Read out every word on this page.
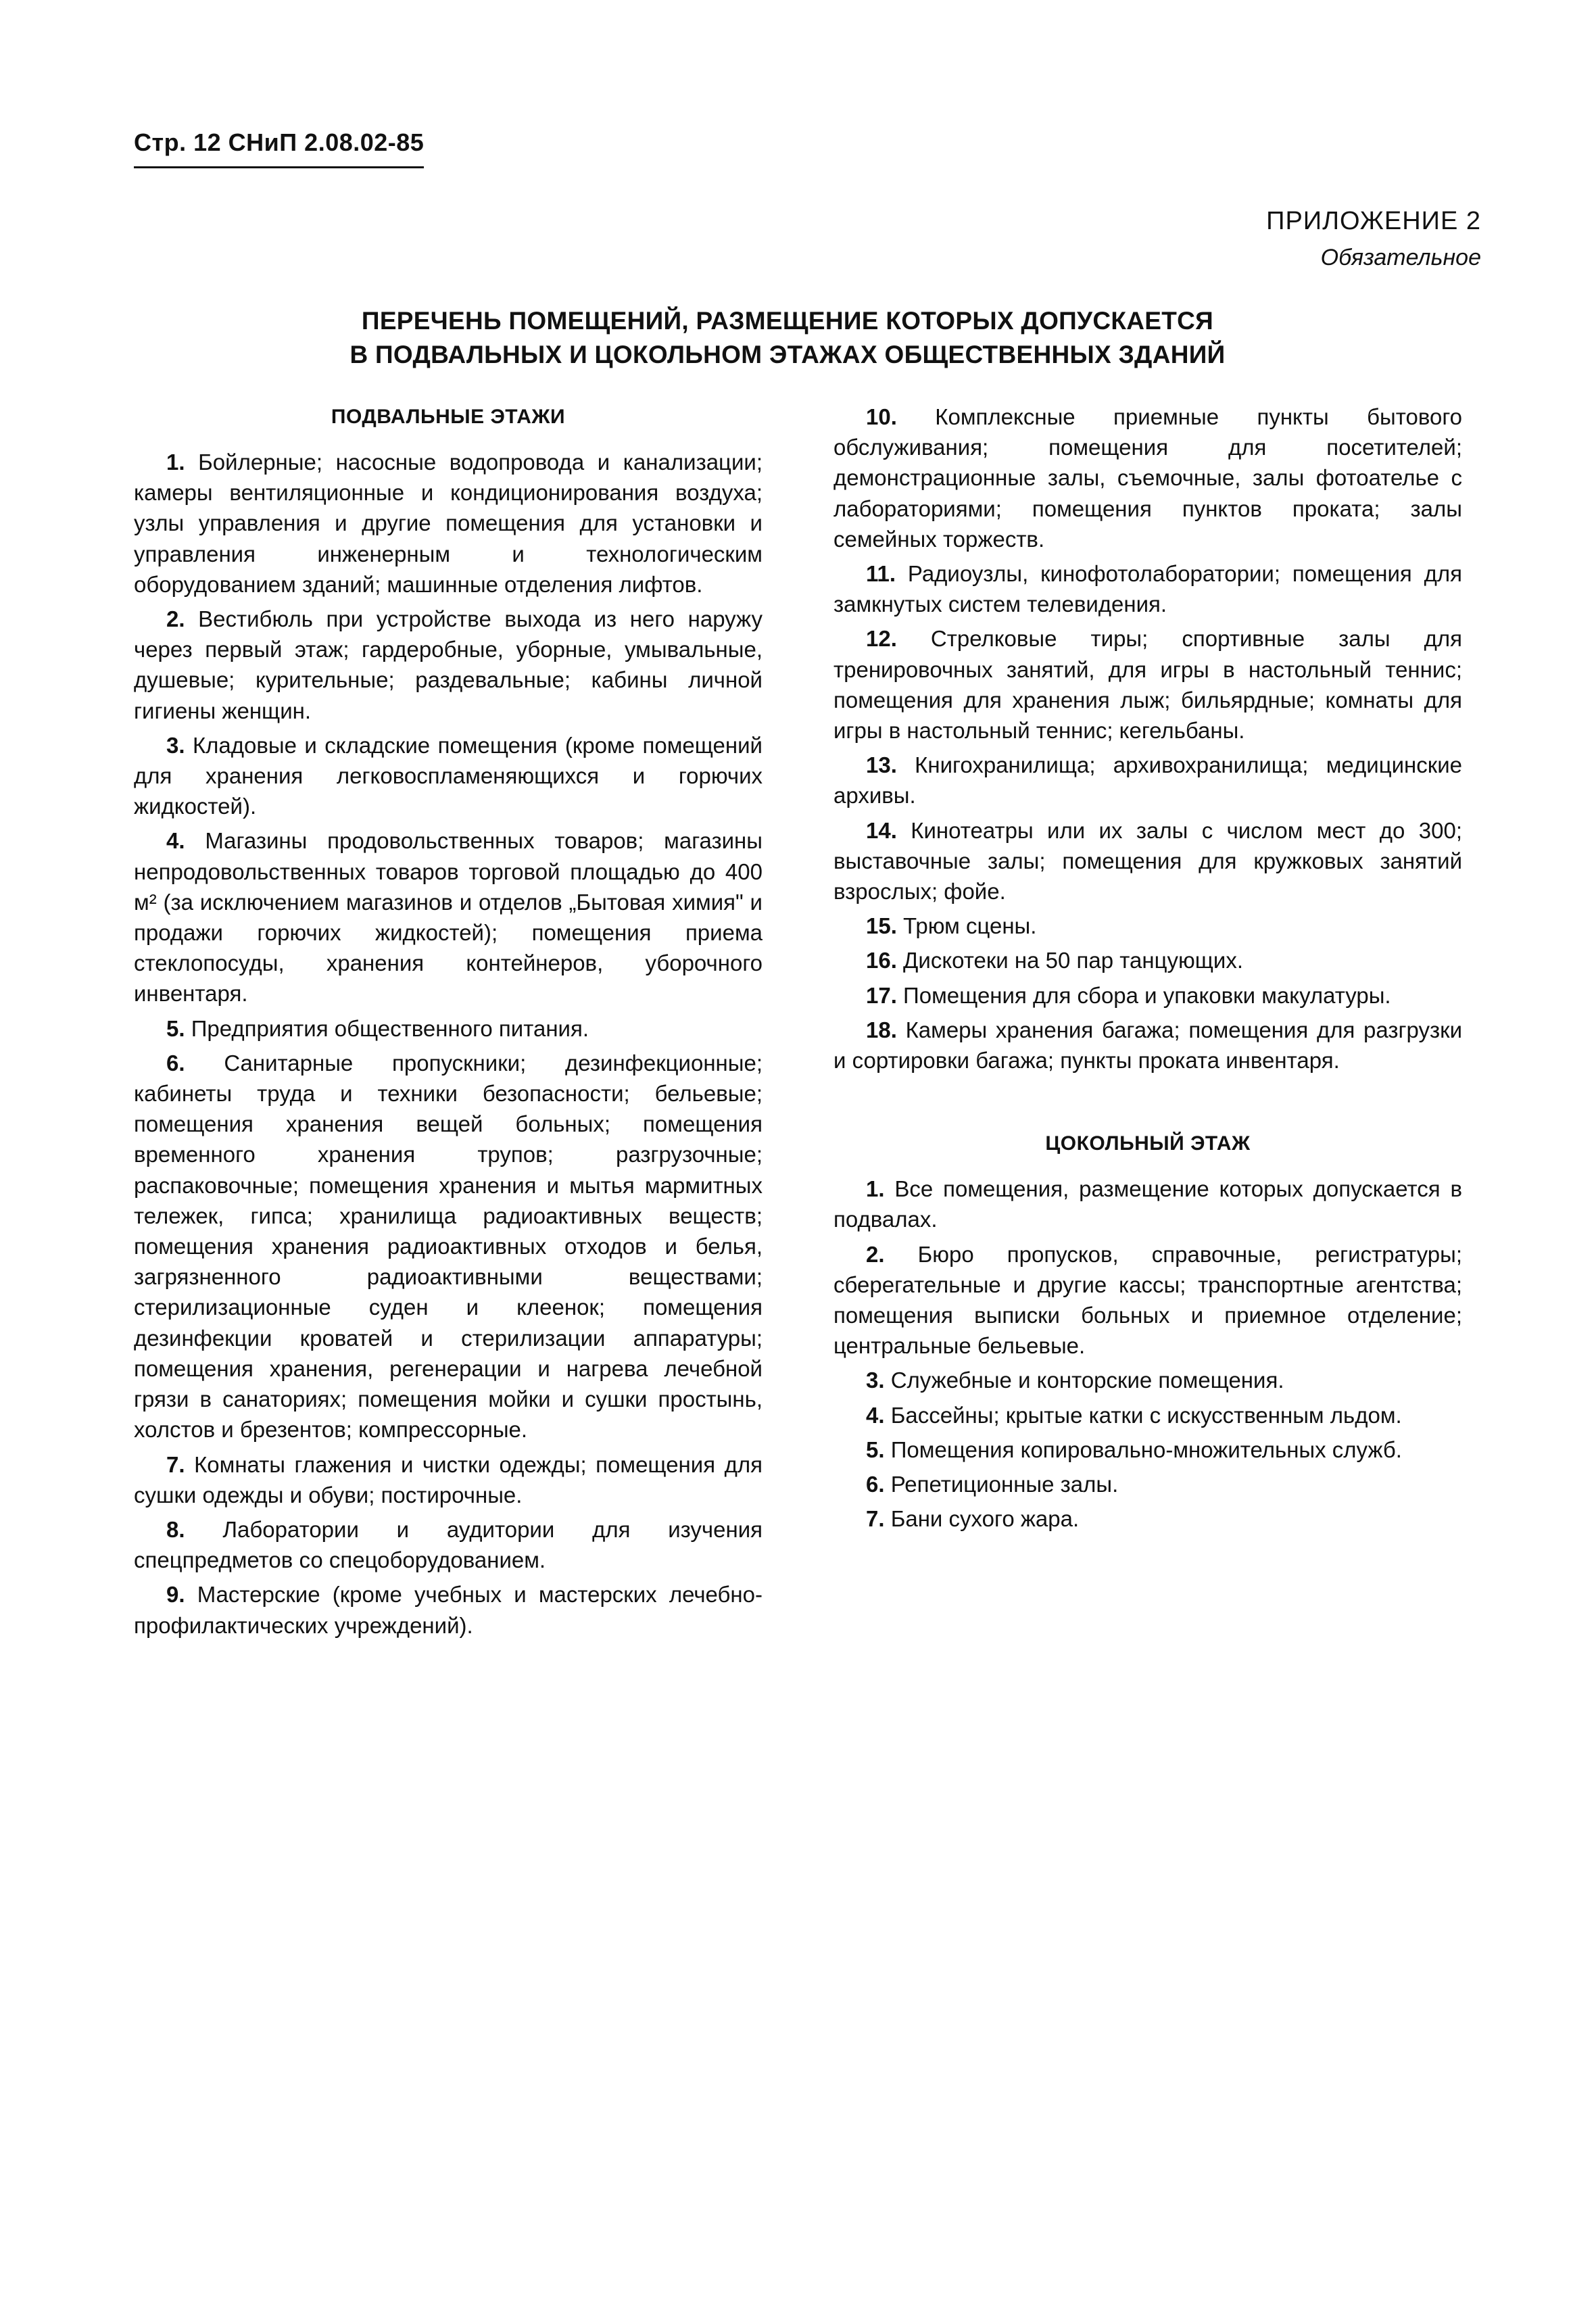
Стр. 12 СНиП 2.08.02-85
ПРИЛОЖЕНИЕ 2
Обязательное
ПЕРЕЧЕНЬ ПОМЕЩЕНИЙ, РАЗМЕЩЕНИЕ КОТОРЫХ ДОПУСКАЕТСЯ
В ПОДВАЛЬНЫХ И ЦОКОЛЬНОМ ЭТАЖАХ ОБЩЕСТВЕННЫХ ЗДАНИЙ
ПОДВАЛЬНЫЕ ЭТАЖИ
1. Бойлерные; насосные водопровода и канализации; камеры вентиляционные и кондиционирования воздуха; узлы управления и другие помещения для установки и управления инженерным и технологическим оборудованием зданий; машинные отделения лифтов.
2. Вестибюль при устройстве выхода из него наружу через первый этаж; гардеробные, уборные, умывальные, душевые; курительные; раздевальные; кабины личной гигиены женщин.
3. Кладовые и складские помещения (кроме помещений для хранения легковоспламеняющихся и горючих жидкостей).
4. Магазины продовольственных товаров; магазины непродовольственных товаров торговой площадью до 400 м² (за исключением магазинов и отделов „Бытовая химия" и продажи горючих жидкостей); помещения приема стеклопосуды, хранения контейнеров, уборочного инвентаря.
5. Предприятия общественного питания.
6. Санитарные пропускники; дезинфекционные; кабинеты труда и техники безопасности; бельевые; помещения хранения вещей больных; помещения временного хранения трупов; разгрузочные; распаковочные; помещения хранения и мытья мармитных тележек, гипса; хранилища радиоактивных веществ; помещения хранения радиоактивных отходов и белья, загрязненного радиоактивными веществами; стерилизационные суден и клеенок; помещения дезинфекции кроватей и стерилизации аппаратуры; помещения хранения, регенерации и нагрева лечебной грязи в санаториях; помещения мойки и сушки простынь, холстов и брезентов; компрессорные.
7. Комнаты глажения и чистки одежды; помещения для сушки одежды и обуви; постирочные.
8. Лаборатории и аудитории для изучения спецпредметов со спецоборудованием.
9. Мастерские (кроме учебных и мастерских лечебно-профилактических учреждений).
10. Комплексные приемные пункты бытового обслуживания; помещения для посетителей; демонстрационные залы, съемочные, залы фотоателье с лабораториями; помещения пунктов проката; залы семейных торжеств.
11. Радиоузлы, кинофотолаборатории; помещения для замкнутых систем телевидения.
12. Стрелковые тиры; спортивные залы для тренировочных занятий, для игры в настольный теннис; помещения для хранения лыж; бильярдные; комнаты для игры в настольный теннис; кегельбаны.
13. Книгохранилища; архивохранилища; медицинские архивы.
14. Кинотеатры или их залы с числом мест до 300; выставочные залы; помещения для кружковых занятий взрослых; фойе.
15. Трюм сцены.
16. Дискотеки на 50 пар танцующих.
17. Помещения для сбора и упаковки макулатуры.
18. Камеры хранения багажа; помещения для разгрузки и сортировки багажа; пункты проката инвентаря.
ЦОКОЛЬНЫЙ ЭТАЖ
1. Все помещения, размещение которых допускается в подвалах.
2. Бюро пропусков, справочные, регистратуры; сберегательные и другие кассы; транспортные агентства; помещения выписки больных и приемное отделение; центральные бельевые.
3. Служебные и конторские помещения.
4. Бассейны; крытые катки с искусственным льдом.
5. Помещения копировально-множительных служб.
6. Репетиционные залы.
7. Бани сухого жара.
